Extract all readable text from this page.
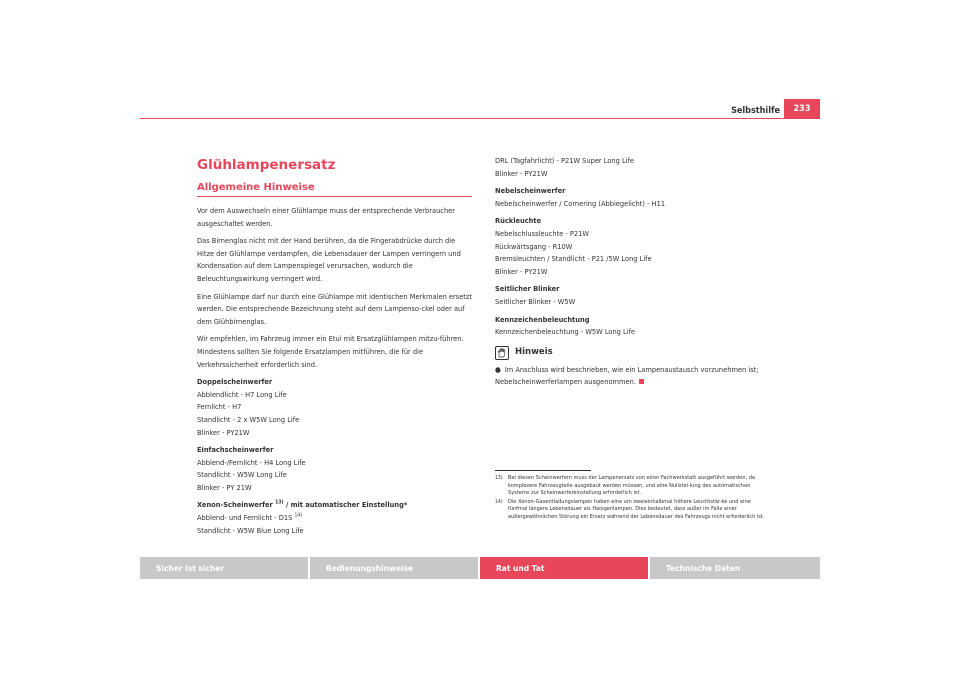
Selbsthilfe	233
Glühlampenersatz
Allgemeine Hinweise

Vor dem Auswechseln einer Glühlampe muss der entsprechende Verbraucher ausgeschaltet werden.

Das Birnenglas nicht mit der Hand berühren, da die Fingerabdrücke durch die Hitze der Glühlampe verdampfen, die Lebensdauer der Lampen verringern und Kondensation auf dem Lampenspiegel verursachen, wodurch die Beleuchtungswirkung verringert wird.

Eine Glühlampe darf nur durch eine Glühlampe mit identischen Merkmalen ersetzt werden. Die entsprechende Bezeichnung steht auf dem Lampenso-ckel oder auf dem Glühbirnenglas.

Wir empfehlen, im Fahrzeug immer ein Etui mit Ersatzglühlampen mitzu-führen. Mindestens sollten Sie folgende Ersatzlampen mitführen, die für die Verkehrssicherheit erforderlich sind.

Doppelscheinwerfer
Abblendlicht - H7 Long Life
Fernlicht - H7
Standlicht - 2 x W5W Long Life
Blinker - PY21W
Einfachscheinwerfer
Abblend-/Fernlicht - H4 Long Life
Standlicht - W5W Long Life
Blinker - PY 21W
Xenon-Scheinwerfer $^{13)}$ / mit automatischer Einstellung*
Abblend- und Fernlicht - D1S $^{14)}$
Standlicht - W5W Blue Long Life
DRL (Tagfahrlicht) - P21W Super Long Life
Blinker - PY21W
Nebelscheinwerfer
Nebelscheinwerfer / Cornering (Abbiegelicht) - H11
Rückleuchte
Nebelschlussleuchte - P21W
Rückwärtsgang - R10W
Bremsleuchten / Standlicht - P21 /5W Long Life
Blinker - PY21W
Seitlicher Blinker
Seitlicher Blinker - W5W
Kennzeichenbeleuchtung
Kennzeichenbeleuchtung - W5W Long Life
Hinweis
● Im Anschluss wird beschrieben, wie ein Lampenaustausch vorzunehmen ist; Nebelscheinwerferlampen ausgenommen.
$^{13)}$ Bei diesen Scheinwerfern muss der Lampenersatz von einer Fachwerkstatt ausgeführt werden, da komplexere Fahrzeugteile ausgebaut werden müssen, und eine Nullstel-lung des automatischen Systems zur Scheinwerfereinstellung erforderlich ist.
$^{14)}$ Die Xenon-Gasentladungslampen haben eine um zweieinhalbmal höhere Leuchtstär-ke und eine fünfmal längere Lebensdauer als Halogenlampen. Dies bedeutet, dass außer im Falle einer außergewöhnlichen Störung ein Ersatz während der Lebensdauer des Fahrzeugs nicht erforderlich ist.
Sicher ist sicher	Bedienungshinweise	Rat und Tat	Technische Daten
